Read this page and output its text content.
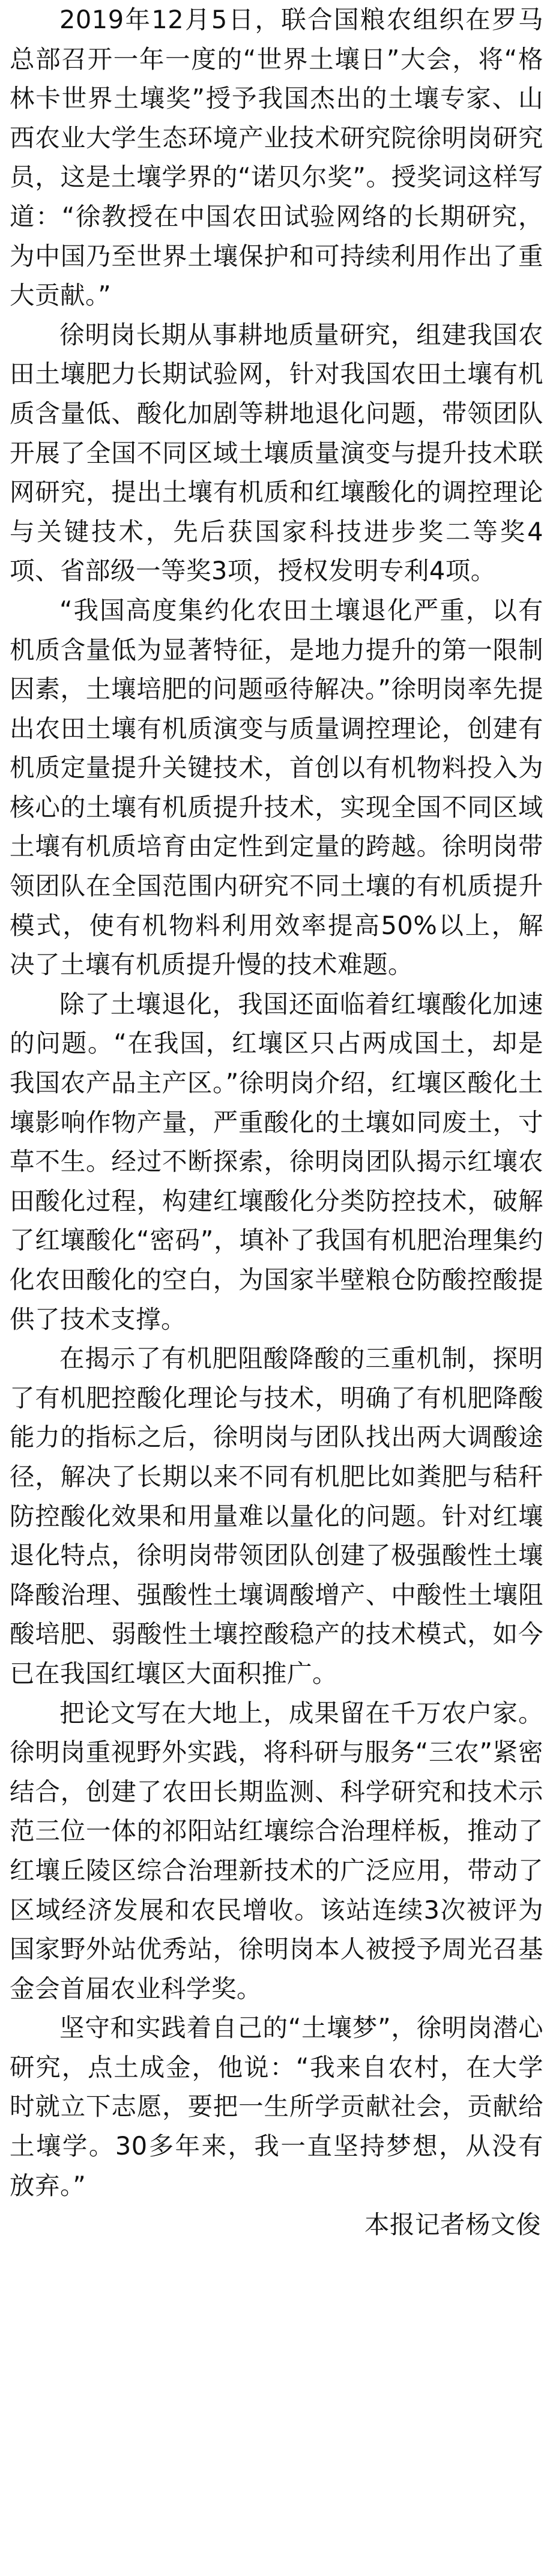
2019年12月5日，联合国粮农组织在罗马总部召开一年一度的“世界土壤日”大会，将“格林卡世界土壤奖”授予我国杰出的土壤专家、山西农业大学生态环境产业技术研究院徐明岗研究员，这是土壤学界的“诺贝尔奖”。授奖词这样写道：“徐教授在中国农田试验网络的长期研究，为中国乃至世界土壤保护和可持续利用作出了重大贡献。”

徐明岗长期从事耕地质量研究，组建我国农田土壤肥力长期试验网，针对我国农田土壤有机质含量低、酸化加剧等耕地退化问题，带领团队开展了全国不同区域土壤质量演变与提升技术联网研究，提出土壤有机质和红壤酸化的调控理论与关键技术，先后获国家科技进步奖二等奖4项、省部级一等奖3项，授权发明专利4项。

“我国高度集约化农田土壤退化严重，以有机质含量低为显著特征，是地力提升的第一限制因素，土壤培肥的问题亟待解决。”徐明岗率先提出农田土壤有机质演变与质量调控理论，创建有机质定量提升关键技术，首创以有机物料投入为核心的土壤有机质提升技术，实现全国不同区域土壤有机质培育由定性到定量的跨越。徐明岗带领团队在全国范围内研究不同土壤的有机质提升模式，使有机物料利用效率提高50%以上，解决了土壤有机质提升慢的技术难题。

除了土壤退化，我国还面临着红壤酸化加速的问题。“在我国，红壤区只占两成国土，却是我国农产品主产区。”徐明岗介绍，红壤区酸化土壤影响作物产量，严重酸化的土壤如同废土，寸草不生。经过不断探索，徐明岗团队揭示红壤农田酸化过程，构建红壤酸化分类防控技术，破解了红壤酸化“密码”，填补了我国有机肥治理集约化农田酸化的空白，为国家半壁粮仓防酸控酸提供了技术支撑。

在揭示了有机肥阻酸降酸的三重机制，探明了有机肥控酸化理论与技术，明确了有机肥降酸能力的指标之后，徐明岗与团队找出两大调酸途径，解决了长期以来不同有机肥比如粪肥与秸秆防控酸化效果和用量难以量化的问题。针对红壤退化特点，徐明岗带领团队创建了极强酸性土壤降酸治理、强酸性土壤调酸增产、中酸性土壤阻酸培肥、弱酸性土壤控酸稳产的技术模式，如今已在我国红壤区大面积推广。

把论文写在大地上，成果留在千万农户家。徐明岗重视野外实践，将科研与服务“三农”紧密结合，创建了农田长期监测、科学研究和技术示范三位一体的祁阳站红壤综合治理样板，推动了红壤丘陵区综合治理新技术的广泛应用，带动了区域经济发展和农民增收。该站连续3次被评为国家野外站优秀站，徐明岗本人被授予周光召基金会首届农业科学奖。

坚守和实践着自己的“土壤梦”，徐明岗潜心研究，点土成金，他说：“我来自农村，在大学时就立下志愿，要把一生所学贡献社会，贡献给土壤学。30多年来，我一直坚持梦想，从没有放弃。”

本报记者杨文俊
